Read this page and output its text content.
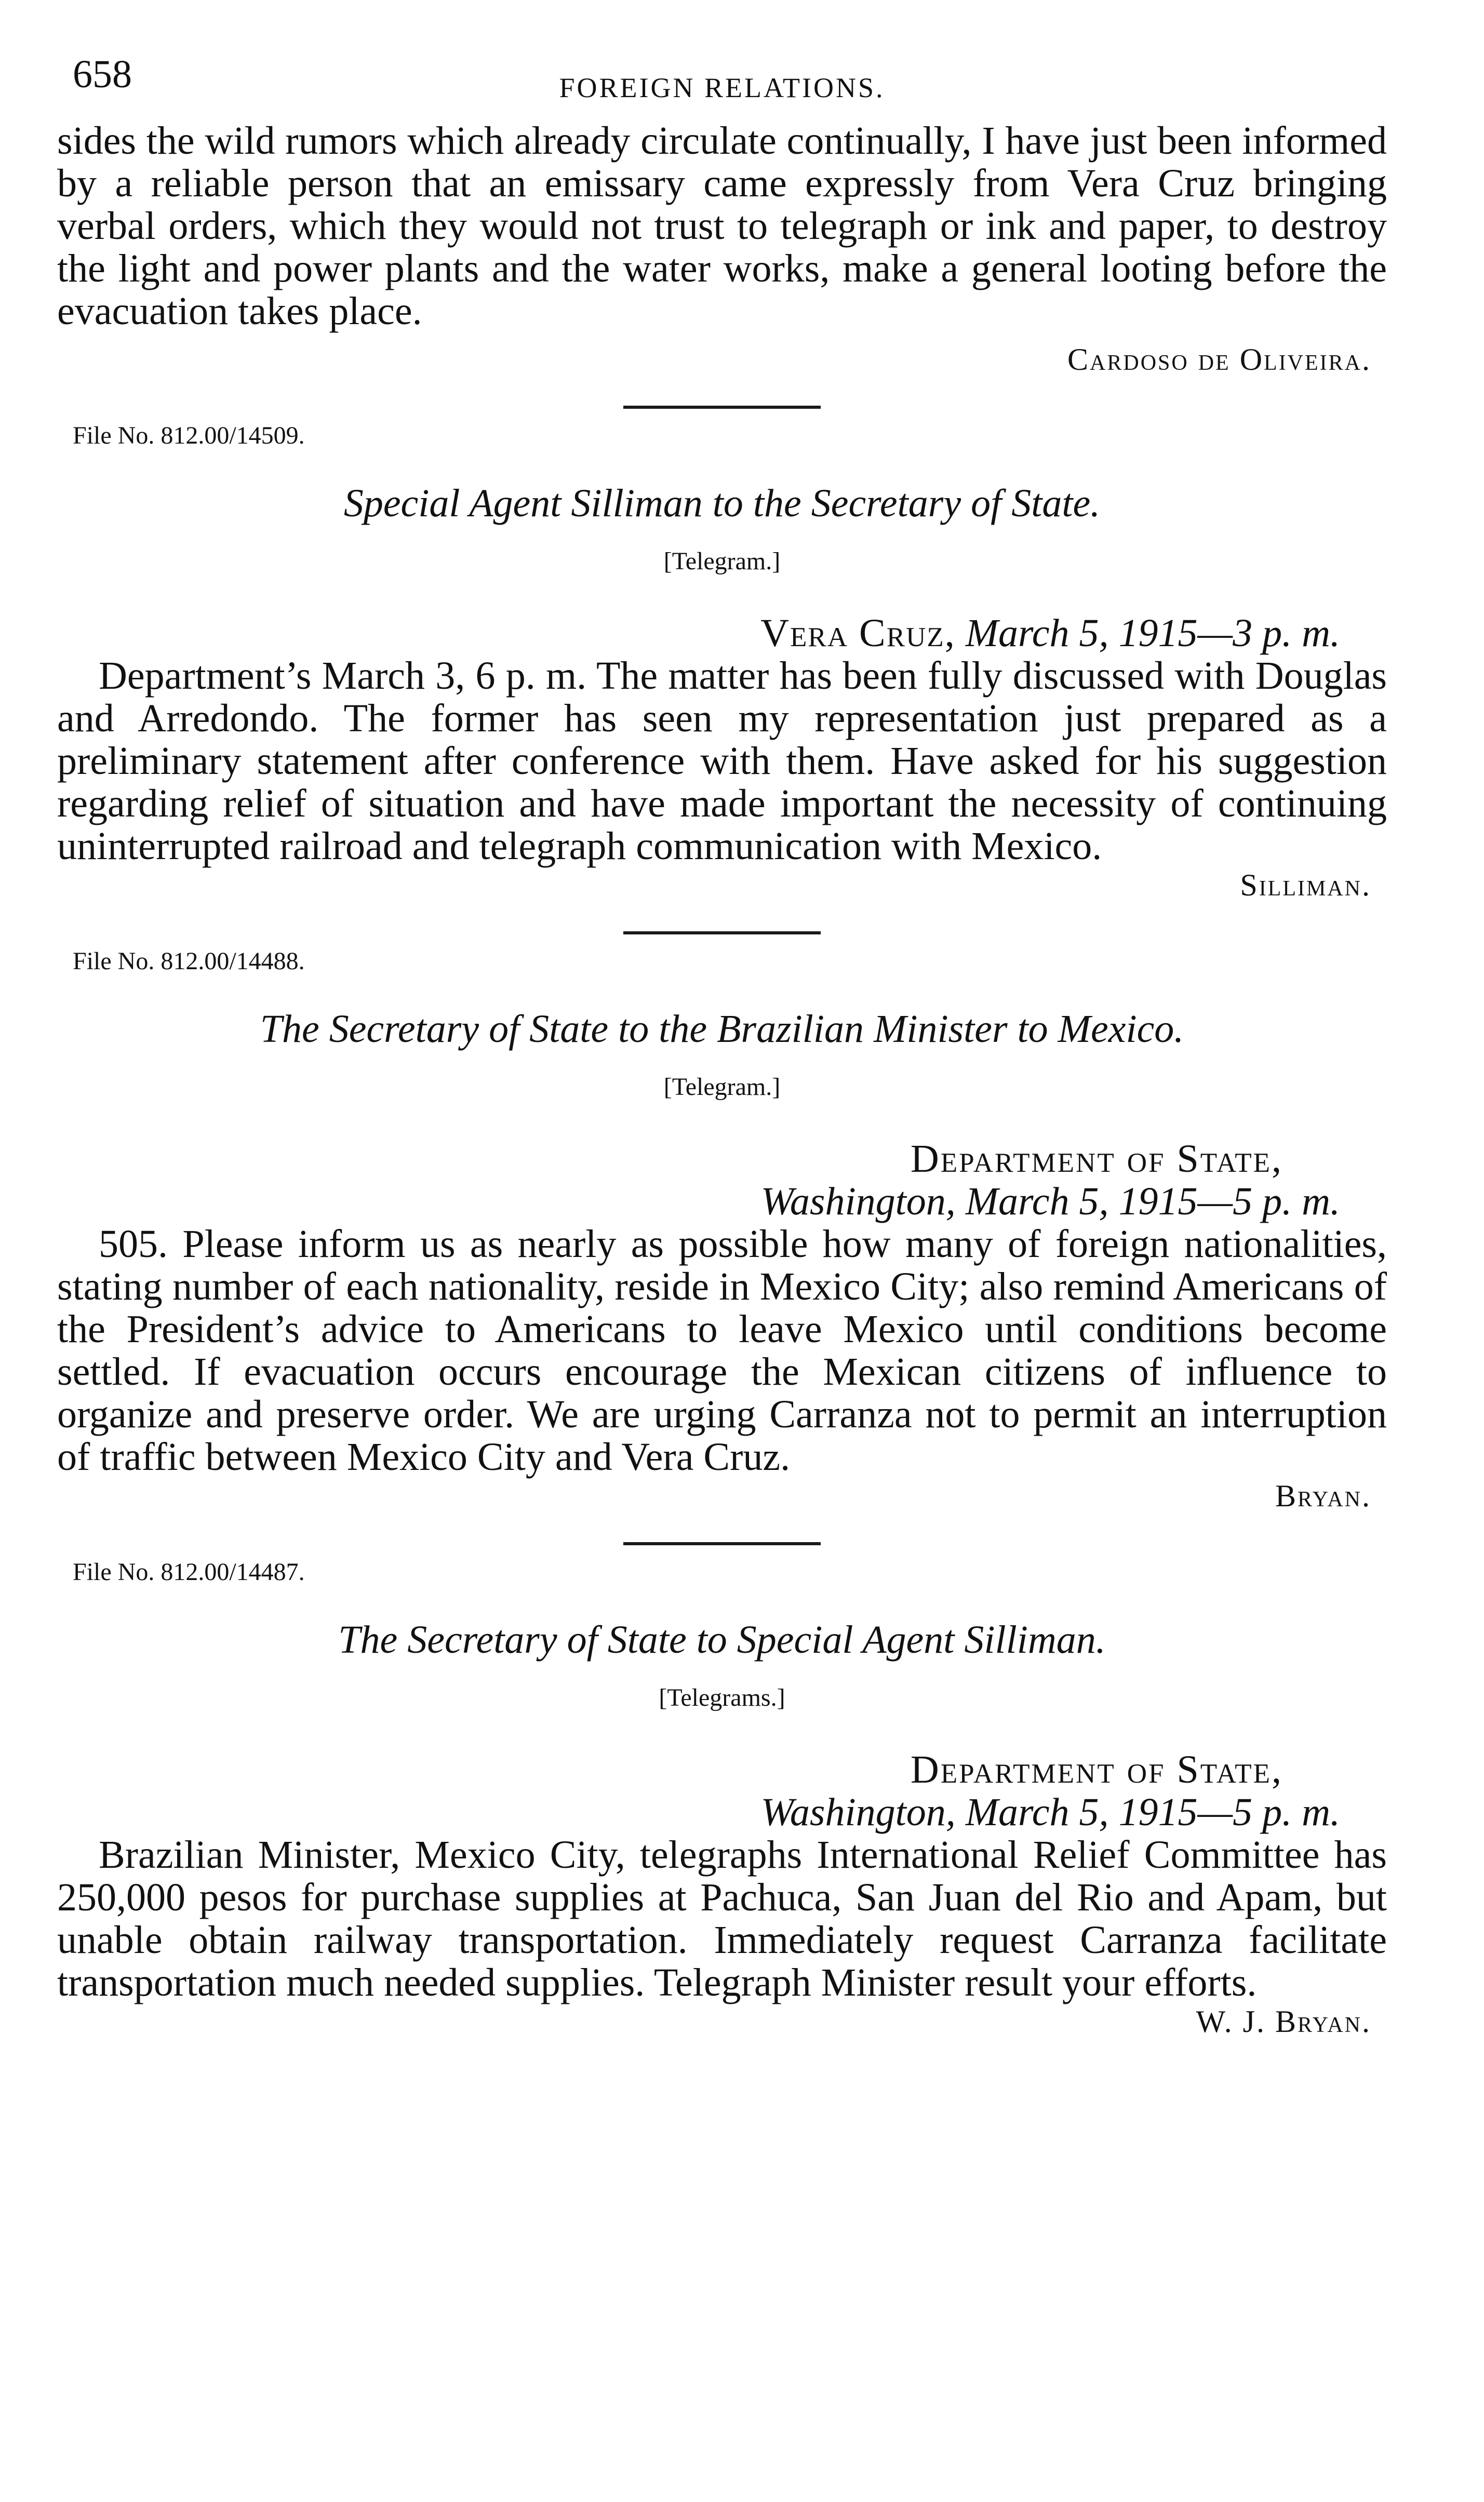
658	FOREIGN RELATIONS.

sides the wild rumors which already circulate continually, I have just been informed by a reliable person that an emissary came expressly from Vera Cruz bringing verbal orders, which they would not trust to telegraph or ink and paper, to destroy the light and power plants and the water works, make a general looting before the evacuation takes place.

Cardoso de Oliveira.
File No. 812.00/14509.
Special Agent Silliman to the Secretary of State.
[Telegram.]
Vera Cruz, March 5, 1915—3 p. m.

Department’s March 3, 6 p. m. The matter has been fully discussed with Douglas and Arredondo. The former has seen my representation just prepared as a preliminary statement after conference with them. Have asked for his suggestion regarding relief of situation and have made important the necessity of continuing uninterrupted railroad and telegraph communication with Mexico.

Silliman.
File No. 812.00/14488.
The Secretary of State to the Brazilian Minister to Mexico.
[Telegram.]
Department of State,
Washington, March 5, 1915—5 p. m.

505. Please inform us as nearly as possible how many of foreign nationalities, stating number of each nationality, reside in Mexico City; also remind Americans of the President’s advice to Americans to leave Mexico until conditions become settled. If evacuation occurs encourage the Mexican citizens of influence to organize and preserve order. We are urging Carranza not to permit an interruption of traffic between Mexico City and Vera Cruz.

Bryan.
File No. 812.00/14487.
The Secretary of State to Special Agent Silliman.
[Telegrams.]
Department of State,
Washington, March 5, 1915—5 p. m.

Brazilian Minister, Mexico City, telegraphs International Relief Committee has 250,000 pesos for purchase supplies at Pachuca, San Juan del Rio and Apam, but unable obtain railway transportation. Immediately request Carranza facilitate transportation much needed supplies. Telegraph Minister result your efforts.

W. J. Bryan.
